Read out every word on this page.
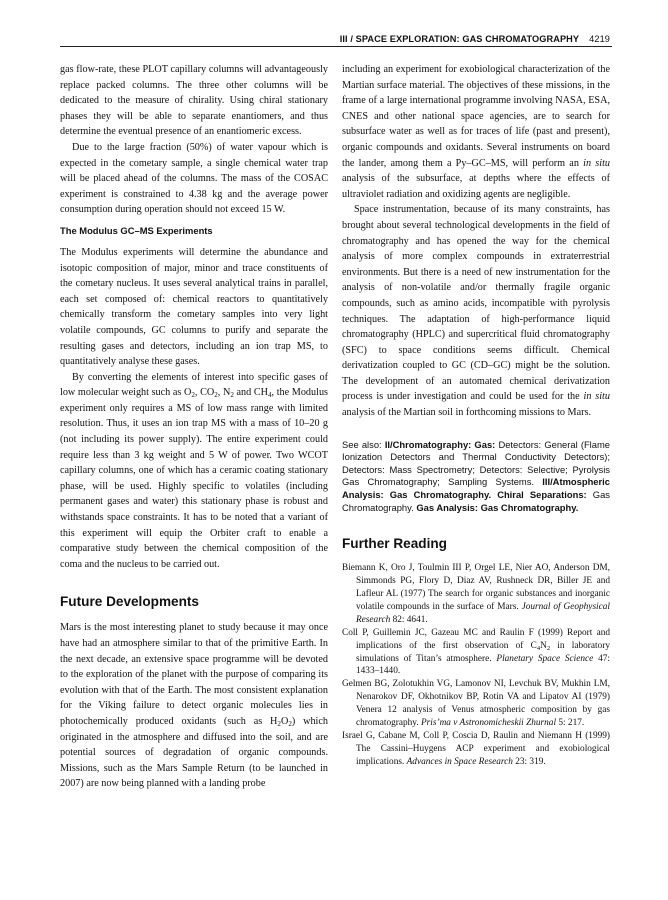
III / SPACE EXPLORATION: GAS CHROMATOGRAPHY 4219

gas flow-rate, these PLOT capillary columns will advantageously replace packed columns. The three other columns will be dedicated to the measure of chirality. Using chiral stationary phases they will be able to separate enantiomers, and thus determine the eventual presence of an enantiomeric excess.

Due to the large fraction (50%) of water vapour which is expected in the cometary sample, a single chemical water trap will be placed ahead of the columns. The mass of the COSAC experiment is constrained to 4.38 kg and the average power consumption during operation should not exceed 15 W.

The Modulus GC–MS Experiments

The Modulus experiments will determine the abundance and isotopic composition of major, minor and trace constituents of the cometary nucleus. It uses several analytical trains in parallel, each set composed of: chemical reactors to quantitatively chemically transform the cometary samples into very light volatile compounds, GC columns to purify and separate the resulting gases and detectors, including an ion trap MS, to quantitatively analyse these gases.

By converting the elements of interest into specific gases of low molecular weight such as $O_2$, $CO_2$, $N_2$ and $CH_4$, the Modulus experiment only requires a MS of low mass range with limited resolution. Thus, it uses an ion trap MS with a mass of 10–20 g (not including its power supply). The entire experiment could require less than 3 kg weight and 5 W of power. Two WCOT capillary columns, one of which has a ceramic coating stationary phase, will be used. Highly specific to volatiles (including permanent gases and water) this stationary phase is robust and withstands space constraints. It has to be noted that a variant of this experiment will equip the Orbiter craft to enable a comparative study between the chemical composition of the coma and the nucleus to be carried out.

Future Developments

Mars is the most interesting planet to study because it may once have had an atmosphere similar to that of the primitive Earth. In the next decade, an extensive space programme will be devoted to the exploration of the planet with the purpose of comparing its evolution with that of the Earth. The most consistent explanation for the Viking failure to detect organic molecules lies in photochemically produced oxidants (such as $H_2O_2$) which originated in the atmosphere and diffused into the soil, and are potential sources of degradation of organic compounds. Missions, such as the Mars Sample Return (to be launched in 2007) are now being planned with a landing probe

including an experiment for exobiological characterization of the Martian surface material. The objectives of these missions, in the frame of a large international programme involving NASA, ESA, CNES and other national space agencies, are to search for subsurface water as well as for traces of life (past and present), organic compounds and oxidants. Several instruments on board the lander, among them a Py–GC–MS, will perform an in situ analysis of the subsurface, at depths where the effects of ultraviolet radiation and oxidizing agents are negligible.

Space instrumentation, because of its many constraints, has brought about several technological developments in the field of chromatography and has opened the way for the chemical analysis of more complex compounds in extraterrestrial environments. But there is a need of new instrumentation for the analysis of non-volatile and/or thermally fragile organic compounds, such as amino acids, incompatible with pyrolysis techniques. The adaptation of high-performance liquid chromatography (HPLC) and supercritical fluid chromatography (SFC) to space conditions seems difficult. Chemical derivatization coupled to GC (CD–GC) might be the solution. The development of an automated chemical derivatization process is under investigation and could be used for the in situ analysis of the Martian soil in forthcoming missions to Mars.

See also: II/Chromatography: Gas: Detectors: General (Flame Ionization Detectors and Thermal Conductivity Detectors); Detectors: Mass Spectrometry; Detectors: Selective; Pyrolysis Gas Chromatography; Sampling Systems. III/Atmospheric Analysis: Gas Chromatography. Chiral Separations: Gas Chromatography. Gas Analysis: Gas Chromatography.
Further Reading

Biemann K, Oro J, Toulmin III P, Orgel LE, Nier AO, Anderson DM, Simmonds PG, Flory D, Diaz AV, Rushneck DR, Biller JE and Lafleur AL (1977) The search for organic substances and inorganic volatile compounds in the surface of Mars. Journal of Geophysical Research 82: 4641.

Coll P, Guillemin JC, Gazeau MC and Raulin F (1999) Report and implications of the first observation of $C_4N_2$ in laboratory simulations of Titan’s atmosphere. Planetary Space Science 47: 1433–1440.

Gelmen BG, Zolotukhin VG, Lamonov NI, Levchuk BV, Mukhin LM, Nenarokov DF, Okhotnikov BP, Rotin VA and Lipatov AI (1979) Venera 12 analysis of Venus atmospheric composition by gas chromatography. Pris’ma v Astronomicheskii Zhurnal 5: 217.

Israel G, Cabane M, Coll P, Coscia D, Raulin and Niemann H (1999) The Cassini–Huygens ACP experiment and exobiological implications. Advances in Space Research 23: 319.
